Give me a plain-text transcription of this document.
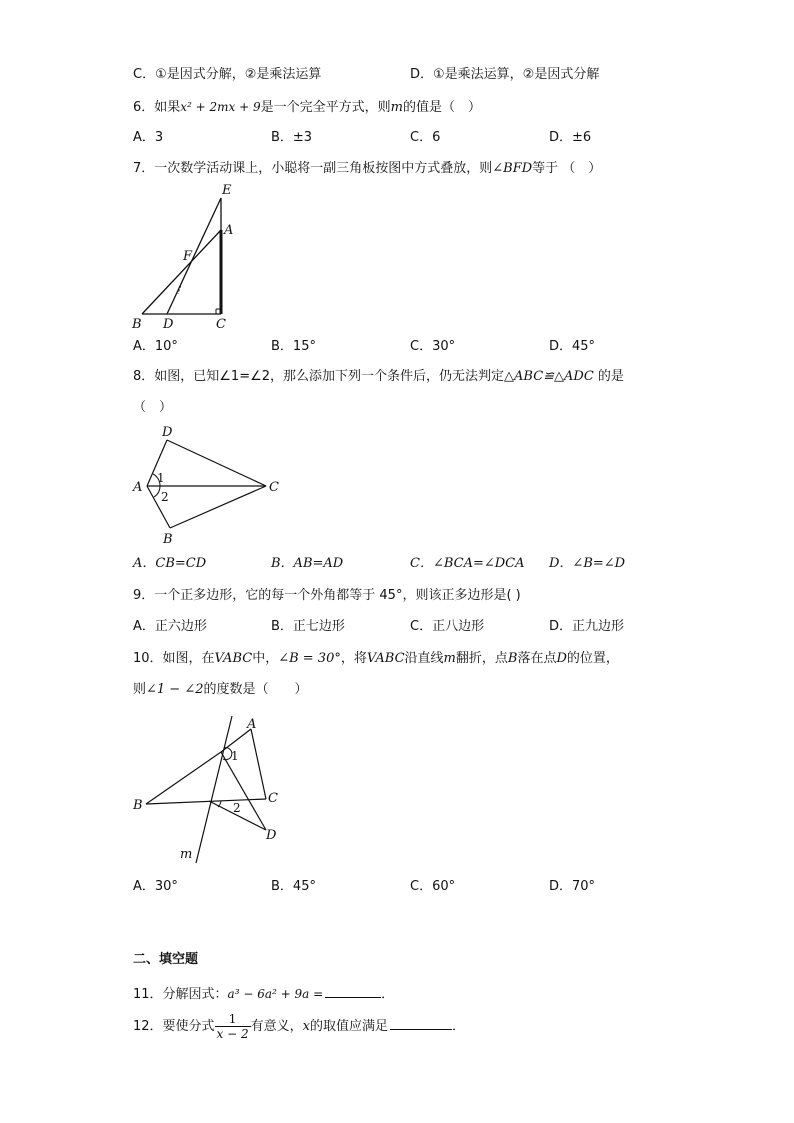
C．①是因式分解，②是乘法运算	D．①是乘法运算，②是因式分解
6．如果x² + 2mx + 9是一个完全平方式，则m的值是（　）
A．3	B．±3	C．6	D．±6
7．一次数学活动课上，小聪将一副三角板按图中方式叠放，则∠BFD等于 （　）
E
A
F
B D	C
A．10°	B．15°	C．30°	D．45°
8．如图，已知∠1=∠2，那么添加下列一个条件后，仍无法判定△ABC≌△ADC 的是
（　）
D
A	C
B
1
2
A．CB=CD	B．AB=AD	C．∠BCA=∠DCA D．∠B=∠D
9．一个正多边形，它的每一个外角都等于 45°，则该正多边形是( )
A．正六边形	B．正七边形	C．正八边形	D．正九边形
10．如图，在VABC中，∠B = 30°，将VABC沿直线m翻折，点B落在点D的位置，
则∠1 − ∠2的度数是（　　）
A
B	C
D
m
1
2
A．30°	B．45°	C．60°	D．70°
二、填空题
11．分解因式：a³ − 6a² + 9a =	．
12．要使分式 $\frac{1}{x - 2}$ 有意义，x的取值应满足	．
